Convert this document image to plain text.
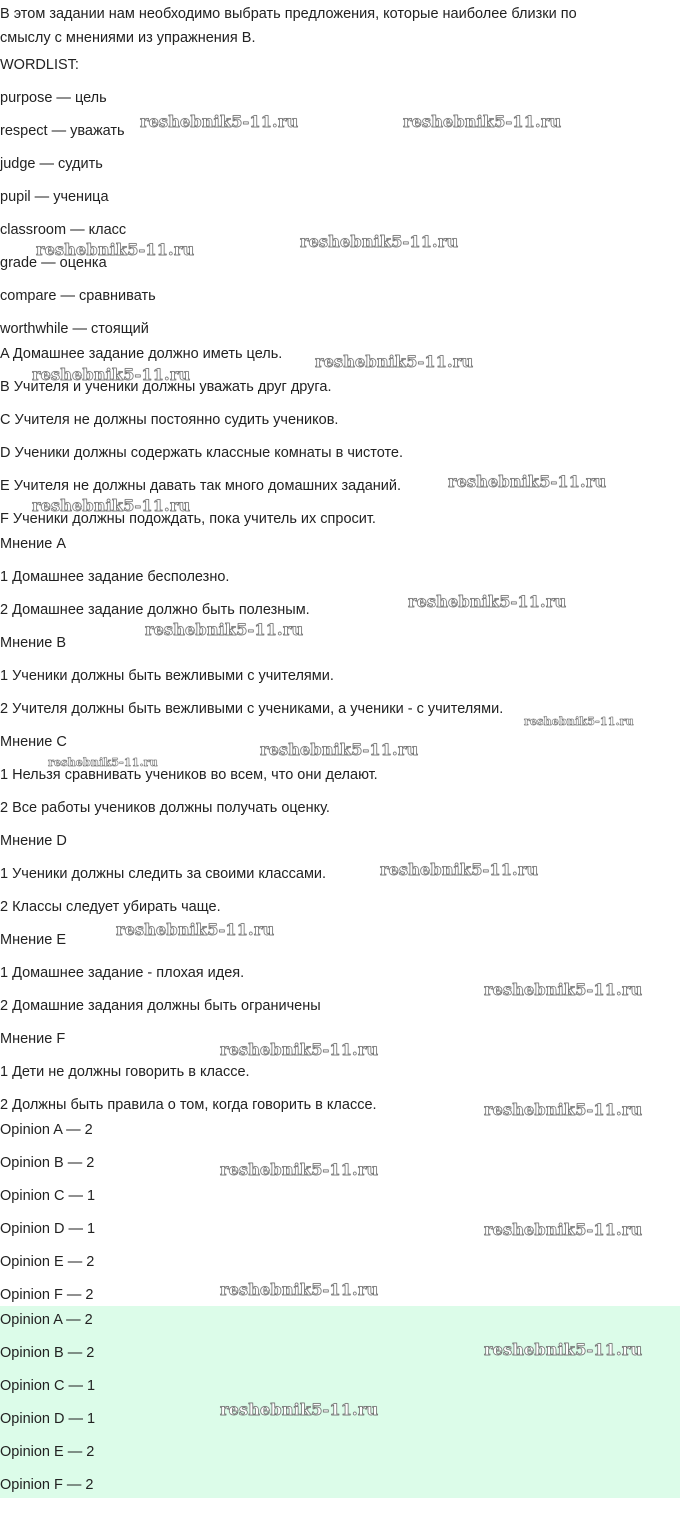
В этом задании нам необходимо выбрать предложения, которые наиболее близки по
смыслу с мнениями из упражнения B.
WORDLIST:
purpose — цель
respect — уважать
judge — судить
pupil — ученица
classroom — класс
grade — оценка
compare — сравнивать
worthwhile — стоящий
A Домашнее задание должно иметь цель.
B Учителя и ученики должны уважать друг друга.
C Учителя не должны постоянно судить учеников.
D Ученики должны содержать классные комнаты в чистоте.
E Учителя не должны давать так много домашних заданий.
F Ученики должны подождать, пока учитель их спросит.
Мнение A
1 Домашнее задание бесполезно.
2 Домашнее задание должно быть полезным.
Мнение B
1 Ученики должны быть вежливыми с учителями.
2 Учителя должны быть вежливыми с учениками, а ученики - с учителями.
Мнение C
1 Нельзя сравнивать учеников во всем, что они делают.
2 Все работы учеников должны получать оценку.
Мнение D
1 Ученики должны следить за своими классами.
2 Классы следует убирать чаще.
Мнение E
1 Домашнее задание - плохая идея.
2 Домашние задания должны быть ограничены
Мнение F
1 Дети не должны говорить в классе.
2 Должны быть правила о том, когда говорить в классе.
Opinion A — 2
Opinion B — 2
Opinion C — 1
Opinion D — 1
Opinion E — 2
Opinion F — 2
Opinion A — 2
Opinion B — 2
Opinion C — 1
Opinion D — 1
Opinion E — 2
Opinion F — 2
reshebnik5-11.ru	reshebnik5-11.ru
reshebnik5-11.ru
reshebnik5-11.ru
reshebnik5-11.ru
reshebnik5-11.ru
reshebnik5-11.ru
reshebnik5-11.ru
reshebnik5-11.ru
reshebnik5-11.ru
reshebnik5-11.ru
reshebnik5-11.ru
reshebnik5-11.ru
reshebnik5-11.ru
reshebnik5-11.ru
reshebnik5-11.ru
reshebnik5-11.ru
reshebnik5-11.ru
reshebnik5-11.ru
reshebnik5-11.ru
reshebnik5-11.ru
reshebnik5-11.ru
reshebnik5-11.ru
